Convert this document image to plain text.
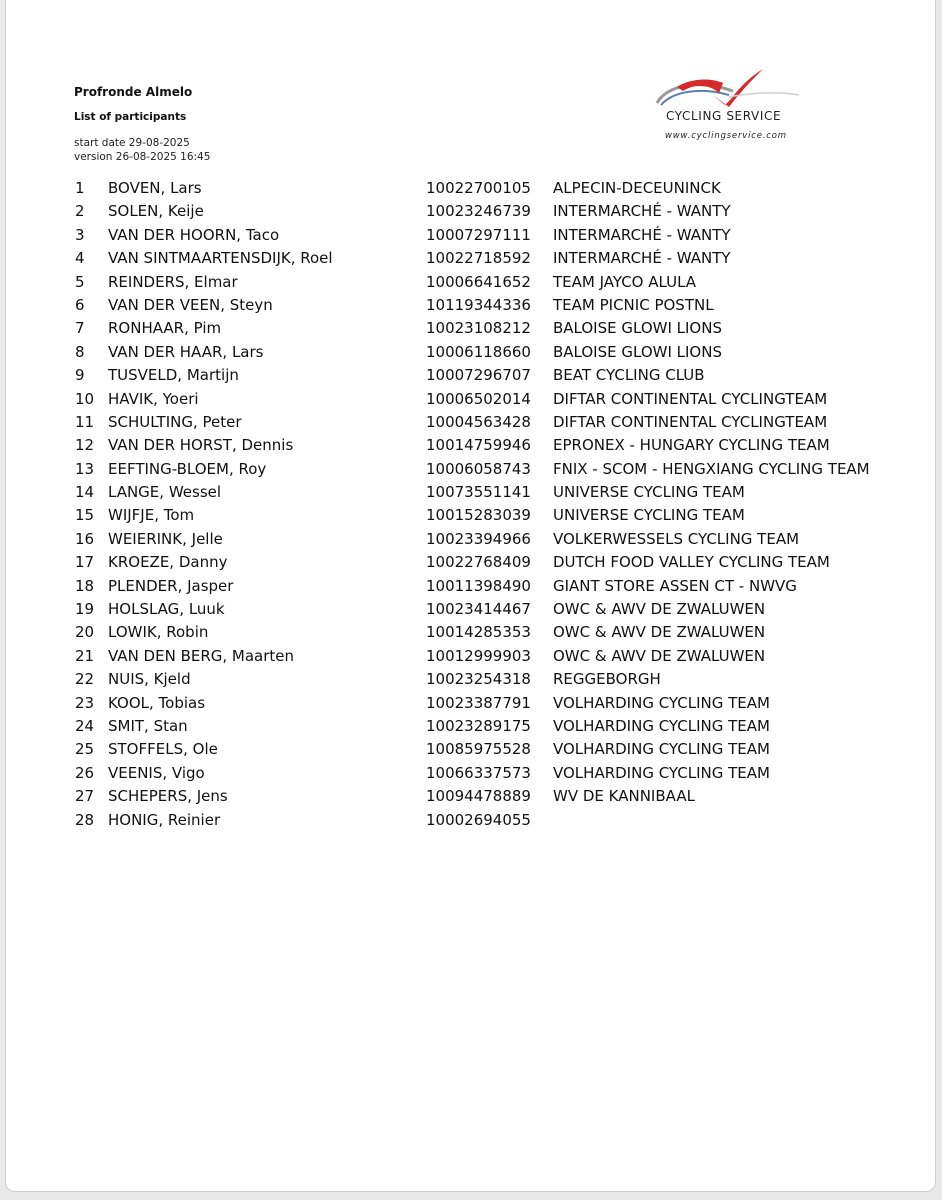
Profronde Almelo
List of participants
start date 29-08-2025
version 26-08-2025 16:45
CYCLING SERVICE
www.cyclingservice.com
1 BOVEN, Lars	10022700105 ALPECIN-DECEUNINCK
2 SOLEN, Keije	10023246739 INTERMARCHÉ - WANTY
3 VAN DER HOORN, Taco	10007297111 INTERMARCHÉ - WANTY
4 VAN SINTMAARTENSDIJK, Roel	10022718592 INTERMARCHÉ - WANTY
5 REINDERS, Elmar	10006641652 TEAM JAYCO ALULA
6 VAN DER VEEN, Steyn	10119344336 TEAM PICNIC POSTNL
7 RONHAAR, Pim	10023108212 BALOISE GLOWI LIONS
8 VAN DER HAAR, Lars	10006118660 BALOISE GLOWI LIONS
9 TUSVELD, Martijn	10007296707 BEAT CYCLING CLUB
10 HAVIK, Yoeri	10006502014 DIFTAR CONTINENTAL CYCLINGTEAM
11 SCHULTING, Peter	10004563428 DIFTAR CONTINENTAL CYCLINGTEAM
12 VAN DER HORST, Dennis	10014759946 EPRONEX - HUNGARY CYCLING TEAM
13 EEFTING-BLOEM, Roy	10006058743 FNIX - SCOM - HENGXIANG CYCLING TEAM
14 LANGE, Wessel	10073551141 UNIVERSE CYCLING TEAM
15 WIJFJE, Tom	10015283039 UNIVERSE CYCLING TEAM
16 WEIERINK, Jelle	10023394966 VOLKERWESSELS CYCLING TEAM
17 KROEZE, Danny	10022768409 DUTCH FOOD VALLEY CYCLING TEAM
18 PLENDER, Jasper	10011398490 GIANT STORE ASSEN CT - NWVG
19 HOLSLAG, Luuk	10023414467 OWC & AWV DE ZWALUWEN
20 LOWIK, Robin	10014285353 OWC & AWV DE ZWALUWEN
21 VAN DEN BERG, Maarten	10012999903 OWC & AWV DE ZWALUWEN
22 NUIS, Kjeld	10023254318 REGGEBORGH
23 KOOL, Tobias	10023387791 VOLHARDING CYCLING TEAM
24 SMIT, Stan	10023289175 VOLHARDING CYCLING TEAM
25 STOFFELS, Ole	10085975528 VOLHARDING CYCLING TEAM
26 VEENIS, Vigo	10066337573 VOLHARDING CYCLING TEAM
27 SCHEPERS, Jens	10094478889 WV DE KANNIBAAL
28 HONIG, Reinier	10002694055
